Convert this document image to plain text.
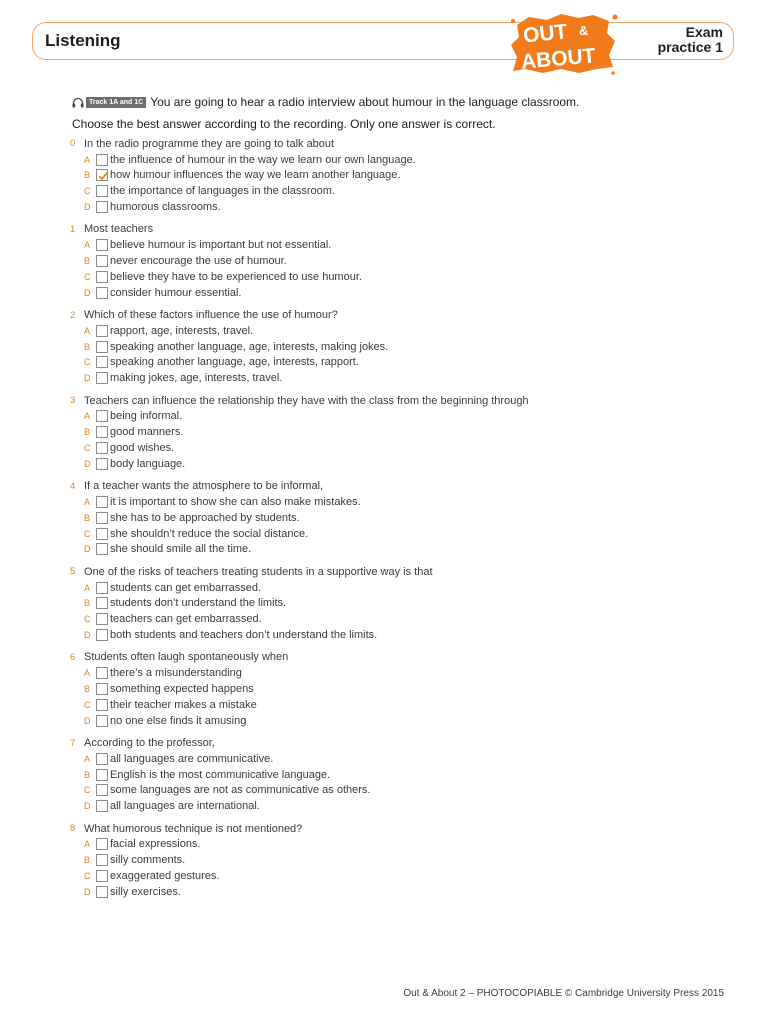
Listening	OUT &
ABOUT
Exam
practice 1
Track 1A and 1C You are going to hear a radio interview about humour in the language classroom.
Choose the best answer according to the recording. Only one answer is correct.
0 In the radio programme they are going to talk about
A	the influence of humour in the way we learn our own language.
B	how humour influences the way we learn another language.
C	the importance of languages in the classroom.
D	humorous classrooms.
1 Most teachers
A	believe humour is important but not essential.
B	never encourage the use of humour.
C	believe they have to be experienced to use humour.
D	consider humour essential.
2 Which of these factors influence the use of humour?
A	rapport, age, interests, travel.
B	speaking another language, age, interests, making jokes.
C	speaking another language, age, interests, rapport.
D	making jokes, age, interests, travel.
3 Teachers can influence the relationship they have with the class from the beginning through
A	being informal.
B	good manners.
C	good wishes.
D	body language.
4 If a teacher wants the atmosphere to be informal,
A	it is important to show she can also make mistakes.
B	she has to be approached by students.
C	she shouldn’t reduce the social distance.
D	she should smile all the time.
5 One of the risks of teachers treating students in a supportive way is that
A	students can get embarrassed.
B	students don’t understand the limits.
C	teachers can get embarrassed.
D	both students and teachers don’t understand the limits.
6 Students often laugh spontaneously when
A	there’s a misunderstanding
B	something expected happens
C	their teacher makes a mistake
D	no one else finds it amusing
7 According to the professor,
A	all languages are communicative.
B	English is the most communicative language.
C	some languages are not as communicative as others.
D	all languages are international.
8 What humorous technique is not mentioned?
A	facial expressions.
B	silly comments.
C	exaggerated gestures.
D	silly exercises.
Out & About 2 – PHOTOCOPIABLE © Cambridge University Press 2015
